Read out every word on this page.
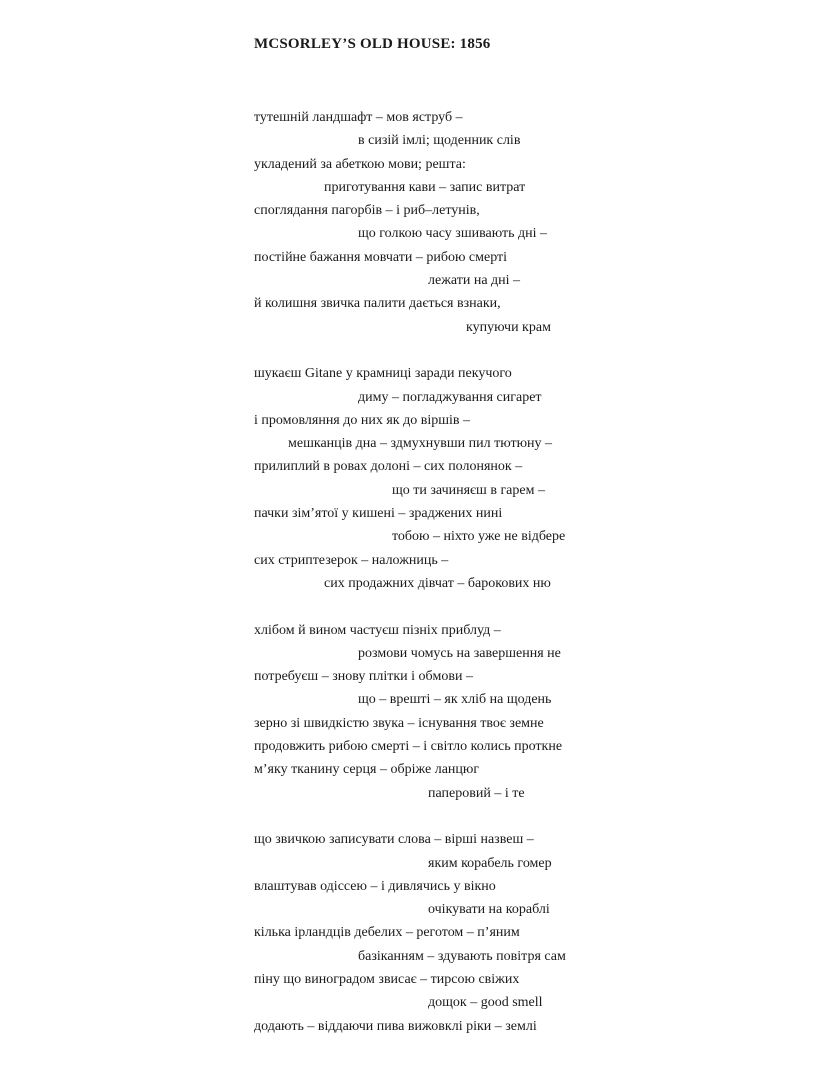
MCSORLEY’S OLD HOUSE: 1856
тутешній ландшафт – мов яструб –
в сизій імлі; щоденник слів
укладений за абеткою мови; решта:
приготування кави – запис витрат
споглядання пагорбів – і риб–летунів,
що голкою часу зшивають дні –
постійне бажання мовчати – рибою смерті
лежати на дні –
й колишня звичка палити дається взнаки,
купуючи крам
шукаєш Gitane у крамниці заради пекучого
диму – погладжування сигарет
і промовляння до них як до віршів –
мешканців дна – здмухнувши пил тютюну –
прилиплий в ровах долоні – сих полонянок –
що ти зачиняєш в гарем –
пачки зім’ятої у кишені – зраджених нині
тобою – ніхто уже не відбере
сих стриптезерок – наложниць –
сих продажних дівчат – барокових ню
хлібом й вином частуєш пізніх приблуд –
розмови чомусь на завершення не
потребуєш – знову плітки і обмови –
що – врешті – як хліб на щодень
зерно зі швидкістю звука – існування твоє земне
продовжить рибою смерті – і світло колись проткне
м’яку тканину серця – обріже ланцюг
паперовий – і те
що звичкою записувати слова – вірші назвеш –
яким корабель гомер
влаштував одіссею – і дивлячись у вікно
очікувати на кораблі
кілька ірландців дебелих – реготом – п’яним
базіканням – здувають повітря сам
піну що виноградом звисає – тирсою свіжих
дощок – good smell
додають – віддаючи пива вижовклі ріки – землі
